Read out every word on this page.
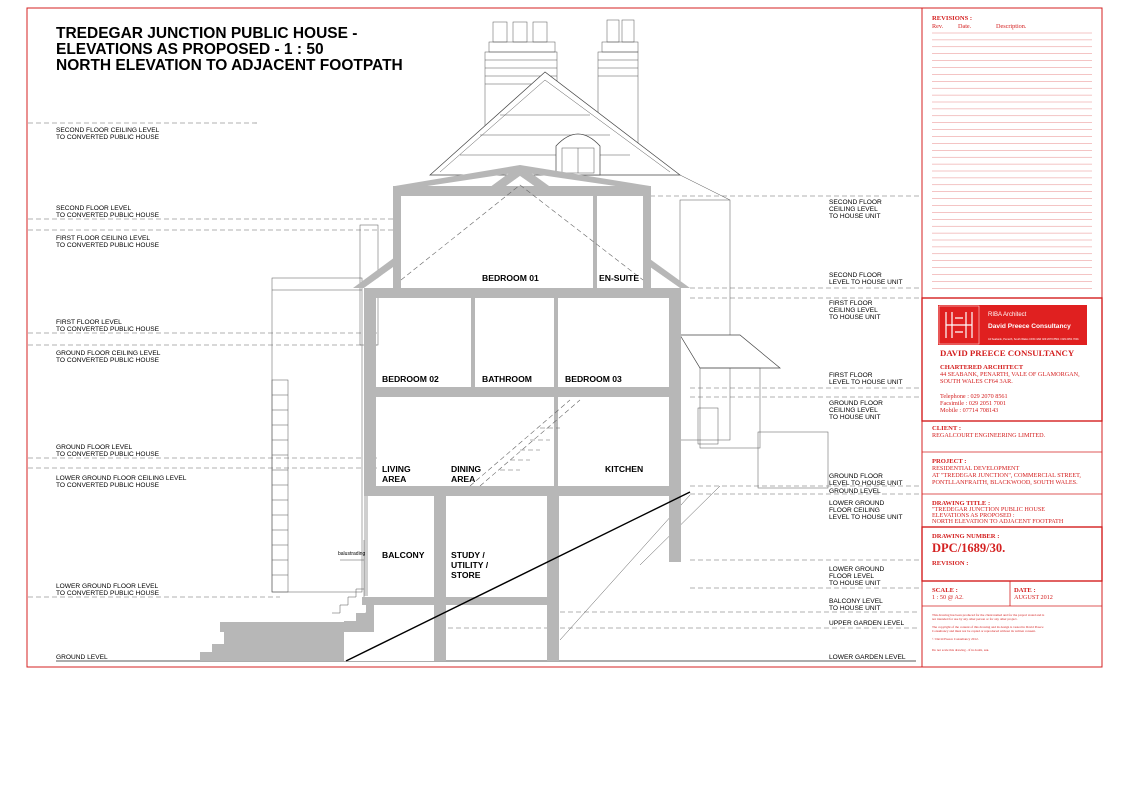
TREDEGAR JUNCTION PUBLIC HOUSE -
ELEVATIONS AS PROPOSED - 1 : 50
NORTH ELEVATION TO ADJACENT FOOTPATH
SECOND FLOOR CEILING LEVEL TO CONVERTED PUBLIC HOUSE
SECOND FLOOR LEVEL TO CONVERTED PUBLIC HOUSE
FIRST FLOOR CEILING LEVEL TO CONVERTED PUBLIC HOUSE
FIRST FLOOR LEVEL TO CONVERTED PUBLIC HOUSE
GROUND FLOOR CEILING LEVEL TO CONVERTED PUBLIC HOUSE
GROUND FLOOR LEVEL TO CONVERTED PUBLIC HOUSE
LOWER GROUND FLOOR CEILING LEVEL TO CONVERTED PUBLIC HOUSE
LOWER GROUND FLOOR LEVEL TO CONVERTED PUBLIC HOUSE
GROUND LEVEL
SECOND FLOOR CEILING LEVEL TO HOUSE UNIT
SECOND FLOOR LEVEL TO HOUSE UNIT
FIRST FLOOR CEILING LEVEL TO HOUSE UNIT
FIRST FLOOR LEVEL TO HOUSE UNIT
GROUND FLOOR CEILING LEVEL TO HOUSE UNIT
GROUND FLOOR LEVEL TO HOUSE UNIT
GROUND LEVEL
LOWER GROUND FLOOR CEILING LEVEL TO HOUSE UNIT
LOWER GROUND FLOOR LEVEL TO HOUSE UNIT
BALCONY LEVEL TO HOUSE UNIT
UPPER GARDEN LEVEL
LOWER GARDEN LEVEL
BEDROOM 01	EN-SUITE
BEDROOM 02	BATHROOM	BEDROOM 03
LIVING AREA
DINING AREA
KITCHEN
BALCONY	STUDY / UTILITY / STORE
balustrading
REVISIONS :
Rev. Date.	Description.
RIBA Architect
David Preece Consultancy
44 Seabank, Penarth, South Wales CF64 3AR 029 2070 8561 / 029 2051 7001
DAVID PREECE CONSULTANCY
CHARTERED ARCHITECT
44 SEABANK, PENARTH, VALE OF GLAMORGAN, SOUTH WALES CF64 3AR.
Telephone : 029 2070 8561 Facsimile : 029 2051 7001 Mobile : 07714 708143
CLIENT :
REGALCOURT ENGINEERING LIMITED.
PROJECT :
RESIDENTIAL DEVELOPMENT AT "TREDEGAR JUNCTION", COMMERCIAL STREET, PONTLLANFRAITH, BLACKWOOD, SOUTH WALES.
DRAWING TITLE :
"TREDEGAR JUNCTION PUBLIC HOUSE ELEVATIONS AS PROPOSED : NORTH ELEVATION TO ADJACENT FOOTPATH
DRAWING NUMBER :
DPC/1689/30.
REVISION :
SCALE :
1 : 50 @ A2.
DATE :
AUGUST 2012
This drawing has been produced for the client named and for the project stated and is not intended for use by any other person or for any other project. The copyright of the content of this drawing and its design is vested in David Preece Consultancy and must not be copied or reproduced without its written consent. © David Preece Consultancy 2012. Do not scale this drawing - if in doubt, ask.
